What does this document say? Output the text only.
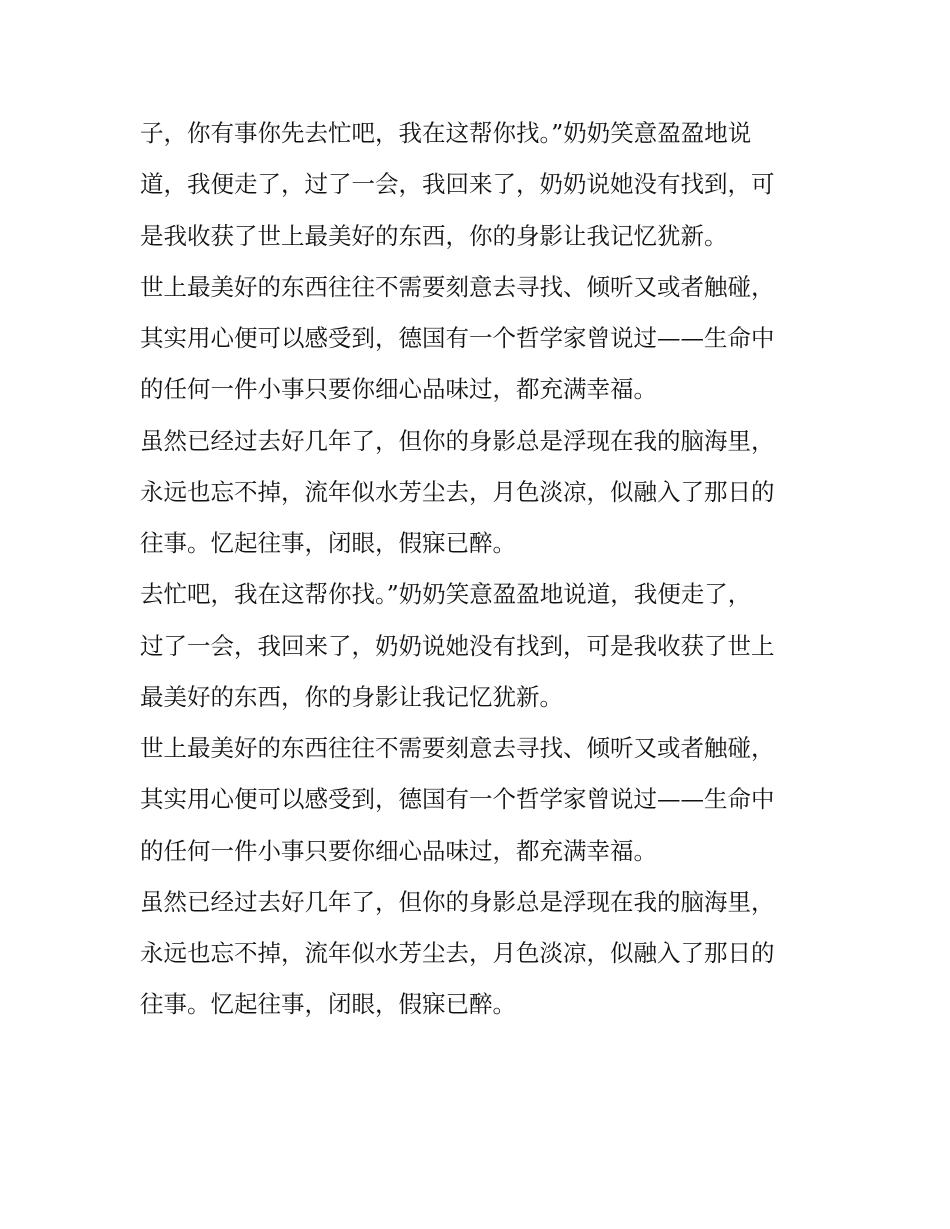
子，你有事你先去忙吧，我在这帮你找。”奶奶笑意盈盈地说
道，我便走了，过了一会，我回来了，奶奶说她没有找到，可
是我收获了世上最美好的东西，你的身影让我记忆犹新。
世上最美好的东西往往不需要刻意去寻找、倾听又或者触碰，
其实用心便可以感受到，德国有一个哲学家曾说过——生命中
的任何一件小事只要你细心品味过，都充满幸福。
虽然已经过去好几年了，但你的身影总是浮现在我的脑海里，
永远也忘不掉，流年似水芳尘去，月色淡凉，似融入了那日的
往事。忆起往事，闭眼，假寐已醉。
去忙吧，我在这帮你找。”奶奶笑意盈盈地说道，我便走了，
过了一会，我回来了，奶奶说她没有找到，可是我收获了世上
最美好的东西，你的身影让我记忆犹新。
世上最美好的东西往往不需要刻意去寻找、倾听又或者触碰，
其实用心便可以感受到，德国有一个哲学家曾说过——生命中
的任何一件小事只要你细心品味过，都充满幸福。
虽然已经过去好几年了，但你的身影总是浮现在我的脑海里，
永远也忘不掉，流年似水芳尘去，月色淡凉，似融入了那日的
往事。忆起往事，闭眼，假寐已醉。
